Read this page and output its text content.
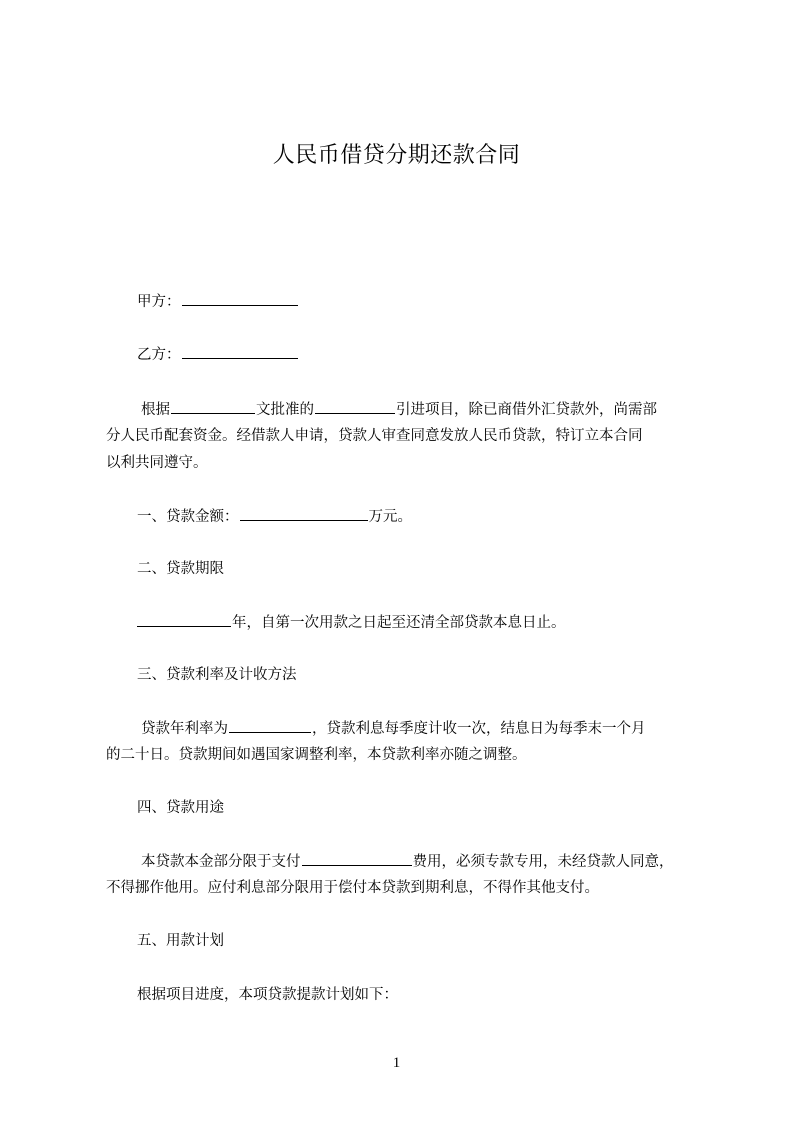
人民币借贷分期还款合同
甲方：
乙方：
根据	文批准的	引进项目，除已商借外汇贷款外，尚需部
分人民币配套资金。经借款人申请，贷款人审查同意发放人民币贷款，特订立本合同
以利共同遵守。
一、贷款金额：	万元。
二、贷款期限
年，自第一次用款之日起至还清全部贷款本息日止。
三、贷款利率及计收方法
贷款年利率为	，贷款利息每季度计收一次，结息日为每季末一个月
的二十日。贷款期间如遇国家调整利率，本贷款利率亦随之调整。
四、贷款用途
本贷款本金部分限于支付	费用，必须专款专用，未经贷款人同意，
不得挪作他用。应付利息部分限用于偿付本贷款到期利息，不得作其他支付。
五、用款计划
根据项目进度，本项贷款提款计划如下：
1
